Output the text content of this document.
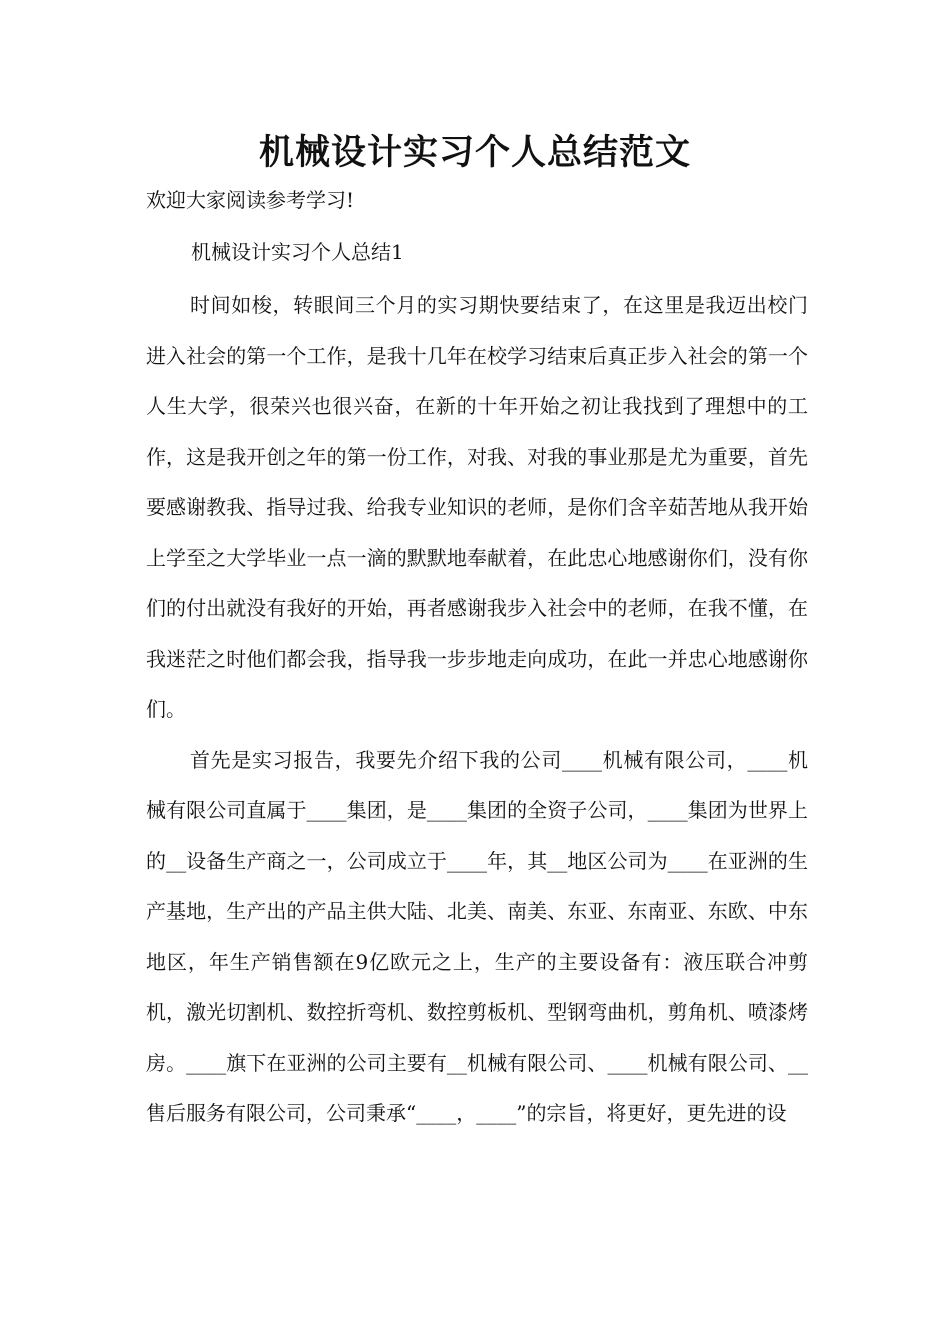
机械设计实习个人总结范文

欢迎大家阅读参考学习!

机械设计实习个人总结1

时间如梭，转眼间三个月的实习期快要结束了，在这里是我迈出校门进入社会的第一个工作，是我十几年在校学习结束后真正步入社会的第一个人生大学，很荣兴也很兴奋，在新的十年开始之初让我找到了理想中的工作，这是我开创之年的第一份工作，对我、对我的事业那是尤为重要，首先要感谢教我、指导过我、给我专业知识的老师，是你们含辛茹苦地从我开始上学至之大学毕业一点一滴的默默地奉献着，在此忠心地感谢你们，没有你们的付出就没有我好的开始，再者感谢我步入社会中的老师，在我不懂，在我迷茫之时他们都会我，指导我一步步地走向成功，在此一并忠心地感谢你们。

首先是实习报告，我要先介绍下我的公司____机械有限公司，____机械有限公司直属于____集团，是____集团的全资子公司，____集团为世界上的__设备生产商之一，公司成立于____年，其__地区公司为____在亚洲的生产基地，生产出的产品主供大陆、北美、南美、东亚、东南亚、东欧、中东地区，年生产销售额在9亿欧元之上，生产的主要设备有：液压联合冲剪机，激光切割机、数控折弯机、数控剪板机、型钢弯曲机，剪角机、喷漆烤房。____旗下在亚洲的公司主要有__机械有限公司、____机械有限公司、__售后服务有限公司，公司秉承“____，____”的宗旨，将更好，更先进的设
